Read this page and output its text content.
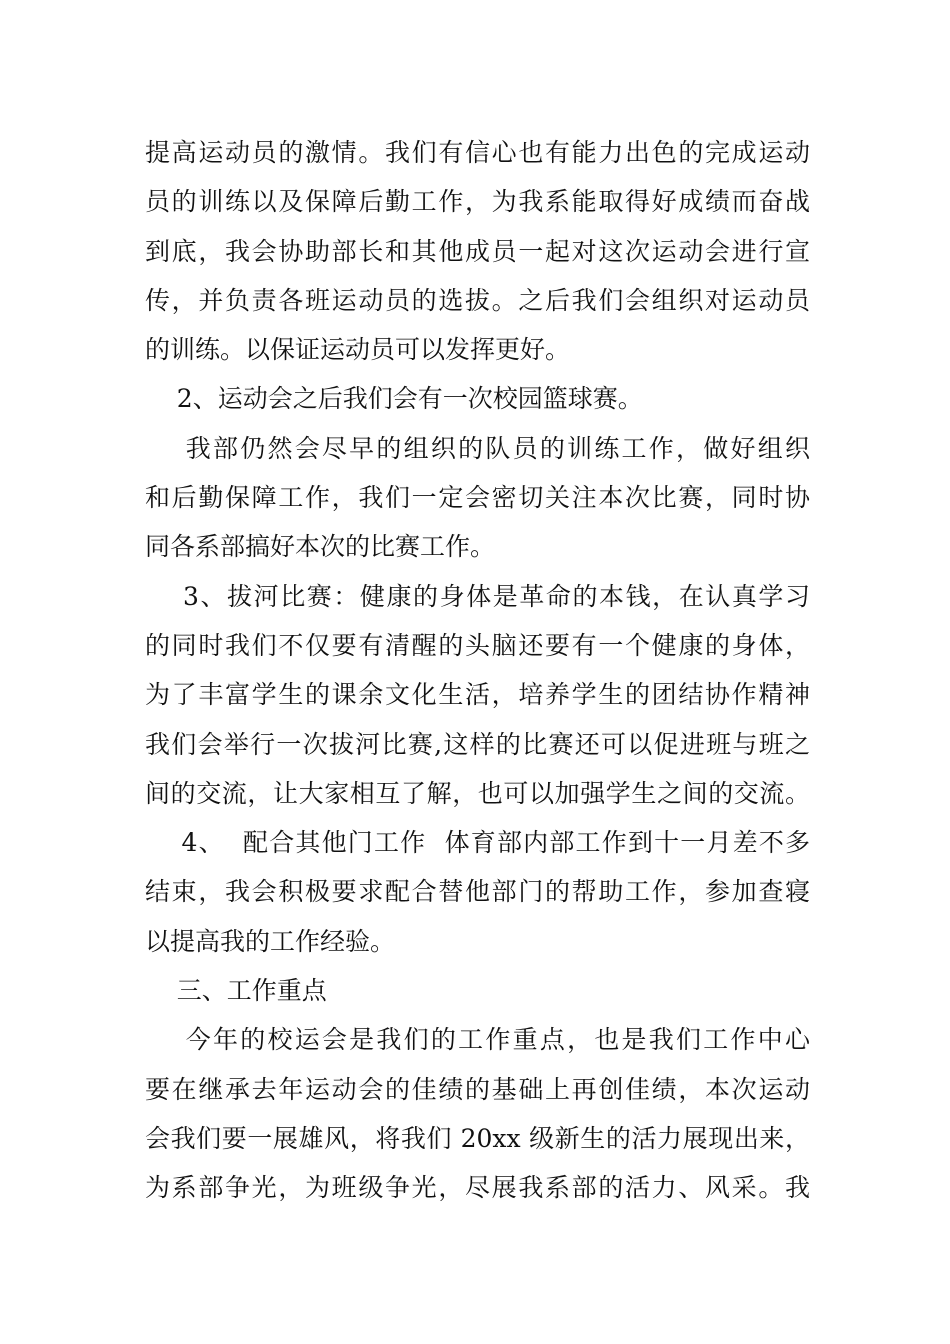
提高运动员的激情。我们有信心也有能力出色的完成运动
员的训练以及保障后勤工作，为我系能取得好成绩而奋战
到底，我会协助部长和其他成员一起对这次运动会进行宣
传，并负责各班运动员的选拔。之后我们会组织对运动员
的训练。以保证运动员可以发挥更好。
2、运动会之后我们会有一次校园篮球赛。
我部仍然会尽早的组织的队员的训练工作，做好组织
和后勤保障工作，我们一定会密切关注本次比赛，同时协
同各系部搞好本次的比赛工作。
3、拔河比赛：健康的身体是革命的本钱，在认真学习
的同时我们不仅要有清醒的头脑还要有一个健康的身体，
为了丰富学生的课余文化生活，培养学生的团结协作精神
我们会举行一次拔河比赛,这样的比赛还可以促进班与班之
间的交流，让大家相互了解，也可以加强学生之间的交流。
4、  配合其他门工作  体育部内部工作到十一月差不多
结束，我会积极要求配合替他部门的帮助工作，参加查寝
以提高我的工作经验。
三、工作重点
今年的校运会是我们的工作重点，也是我们工作中心
要在继承去年运动会的佳绩的基础上再创佳绩，本次运动
会我们要一展雄风，将我们 20xx 级新生的活力展现出来，
为系部争光，为班级争光，尽展我系部的活力、风采。我
